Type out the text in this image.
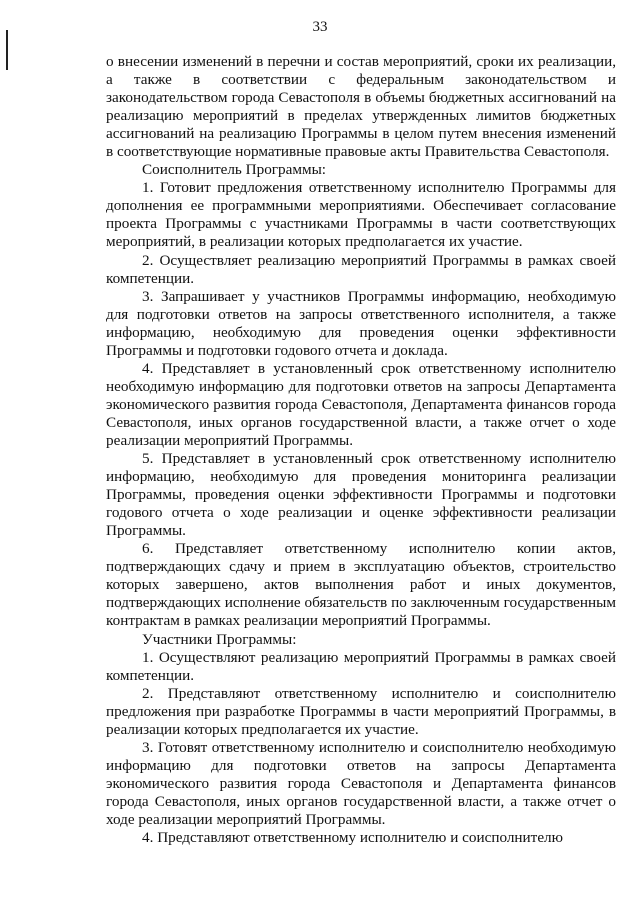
33

о внесении изменений в перечни и состав мероприятий, сроки их реализации, а также в соответствии с федеральным законодательством и законодательством города Севастополя в объемы бюджетных ассигнований на реализацию мероприятий в пределах утвержденных лимитов бюджетных ассигнований на реализацию Программы в целом путем внесения изменений в соответствующие нормативные правовые акты Правительства Севастополя.

Соисполнитель Программы:

1. Готовит предложения ответственному исполнителю Программы для дополнения ее программными мероприятиями. Обеспечивает согласование проекта Программы с участниками Программы в части соответствующих мероприятий, в реализации которых предполагается их участие.

2. Осуществляет реализацию мероприятий Программы в рамках своей компетенции.

3. Запрашивает у участников Программы информацию, необходимую для подготовки ответов на запросы ответственного исполнителя, а также информацию, необходимую для проведения оценки эффективности Программы и подготовки годового отчета и доклада.

4. Представляет в установленный срок ответственному исполнителю необходимую информацию для подготовки ответов на запросы Департамента экономического развития города Севастополя, Департамента финансов города Севастополя, иных органов государственной власти, а также отчет о ходе реализации мероприятий Программы.

5. Представляет в установленный срок ответственному исполнителю информацию, необходимую для проведения мониторинга реализации Программы, проведения оценки эффективности Программы и подготовки годового отчета о ходе реализации и оценке эффективности реализации Программы.

6. Представляет ответственному исполнителю копии актов, подтверждающих сдачу и прием в эксплуатацию объектов, строительство которых завершено, актов выполнения работ и иных документов, подтверждающих исполнение обязательств по заключенным государственным контрактам в рамках реализации мероприятий Программы.

Участники Программы:

1. Осуществляют реализацию мероприятий Программы в рамках своей компетенции.

2. Представляют ответственному исполнителю и соисполнителю предложения при разработке Программы в части мероприятий Программы, в реализации которых предполагается их участие.

3. Готовят ответственному исполнителю и соисполнителю необходимую информацию для подготовки ответов на запросы Департамента экономического развития города Севастополя и Департамента финансов города Севастополя, иных органов государственной власти, а также отчет о ходе реализации мероприятий Программы.

4. Представляют ответственному исполнителю и соисполнителю
